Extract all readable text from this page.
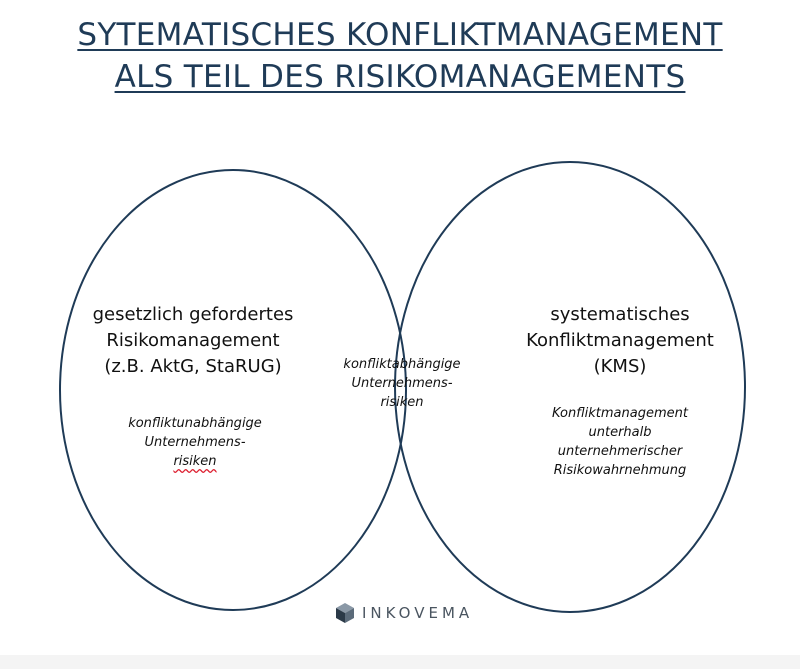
SYTEMATISCHES KONFLIKTMANAGEMENT
ALS TEIL DES RISIKOMANAGEMENTS
gesetzlich gefordertes
Risikomanagement
(z.B. AktG, StaRUG)
konfliktunabhängige
Unternehmens-
risiken
konfliktabhängige
Unternehmens-
risiken
systematisches
Konfliktmanagement
(KMS)
Konfliktmanagement
unterhalb
unternehmerischer
Risikowahrnehmung
INKOVEMA
